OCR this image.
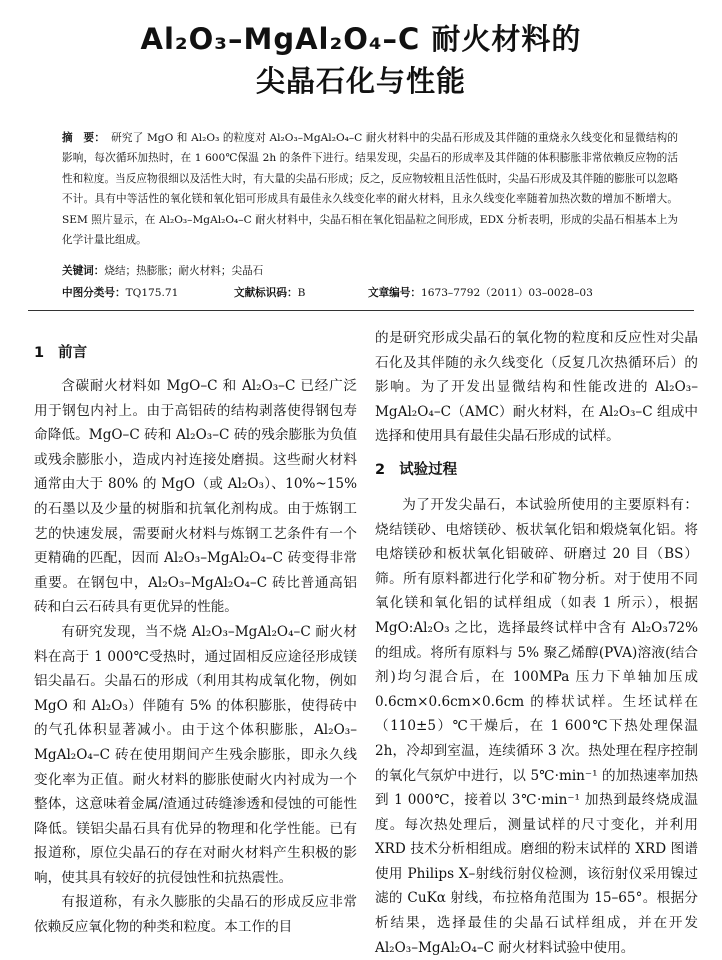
Al₂O₃–MgAl₂O₄–C 耐火材料的
尖晶石化与性能
摘　要： 研究了 MgO 和 Al₂O₃ 的粒度对 Al₂O₃–MgAl₂O₄–C 耐火材料中的尖晶石形成及其伴随的重烧永久线变化和显微结构的影响，每次循环加热时，在 1 600℃保温 2h 的条件下进行。结果发现，尖晶石的形成率及其伴随的体积膨胀非常依赖反应物的活性和粒度。当反应物很细以及活性大时，有大量的尖晶石形成；反之，反应物较粗且活性低时，尖晶石形成及其伴随的膨胀可以忽略不计。具有中等活性的氧化镁和氧化铝可形成具有最佳永久线变化率的耐火材料，且永久线变化率随着加热次数的增加不断增大。SEM 照片显示，在 Al₂O₃–MgAl₂O₄–C 耐火材料中，尖晶石相在氧化铝晶粒之间形成，EDX 分析表明，形成的尖晶石相基本上为化学计量比组成。
关键词：烧结；热膨胀；耐火材料；尖晶石
中图分类号：TQ175.71	文献标识码：B	文章编号：1673–7792（2011）03–0028–03
1 前言

含碳耐火材料如 MgO–C 和 Al₂O₃–C 已经广泛用于钢包内衬上。由于高铝砖的结构剥落使得钢包寿命降低。MgO–C 砖和 Al₂O₃–C 砖的残余膨胀为负值或残余膨胀小，造成内衬连接处磨损。这些耐火材料通常由大于 80% 的 MgO（或 Al₂O₃）、10%~15% 的石墨以及少量的树脂和抗氧化剂构成。由于炼钢工艺的快速发展，需要耐火材料与炼钢工艺条件有一个更精确的匹配，因而 Al₂O₃–MgAl₂O₄–C 砖变得非常重要。在钢包中，Al₂O₃–MgAl₂O₄–C 砖比普通高铝砖和白云石砖具有更优异的性能。

有研究发现，当不烧 Al₂O₃–MgAl₂O₄–C 耐火材料在高于 1 000℃受热时，通过固相反应途径形成镁铝尖晶石。尖晶石的形成（利用其构成氧化物，例如 MgO 和 Al₂O₃）伴随有 5% 的体积膨胀，使得砖中的气孔体积显著减小。由于这个体积膨胀，Al₂O₃–MgAl₂O₄–C 砖在使用期间产生残余膨胀，即永久线变化率为正值。耐火材料的膨胀使耐火内衬成为一个整体，这意味着金属/渣通过砖缝渗透和侵蚀的可能性降低。镁铝尖晶石具有优异的物理和化学性能。已有报道称，原位尖晶石的存在对耐火材料产生积极的影响，使其具有较好的抗侵蚀性和抗热震性。

有报道称，有永久膨胀的尖晶石的形成反应非常依赖反应氧化物的种类和粒度。本工作的目

的是研究形成尖晶石的氧化物的粒度和反应性对尖晶石化及其伴随的永久线变化（反复几次热循环后）的影响。为了开发出显微结构和性能改进的 Al₂O₃–MgAl₂O₄–C（AMC）耐火材料，在 Al₂O₃–C 组成中选择和使用具有最佳尖晶石形成的试样。

2 试验过程

为了开发尖晶石，本试验所使用的主要原料有：烧结镁砂、电熔镁砂、板状氧化铝和煅烧氧化铝。将电熔镁砂和板状氧化铝破碎、研磨过 20 目（BS）筛。所有原料都进行化学和矿物分析。对于使用不同氧化镁和氧化铝的试样组成（如表 1 所示），根据 MgO:Al₂O₃ 之比，选择最终试样中含有 Al₂O₃72% 的组成。将所有原料与 5% 聚乙烯醇(PVA)溶液(结合剂)均匀混合后，在 100MPa 压力下单轴加压成 0.6cm×0.6cm×0.6cm 的棒状试样。生坯试样在（110±5）℃干燥后，在 1 600℃下热处理保温 2h，冷却到室温，连续循环 3 次。热处理在程序控制的氧化气氛炉中进行，以 5℃·min⁻¹ 的加热速率加热到 1 000℃，接着以 3℃·min⁻¹ 加热到最终烧成温度。每次热处理后，测量试样的尺寸变化，并利用 XRD 技术分析相组成。磨细的粉末试样的 XRD 图谱使用 Philips X–射线衍射仪检测，该衍射仪采用镍过滤的 CuKα 射线，布拉格角范围为 15–65°。根据分析结果，选择最佳的尖晶石试样组成，并在开发 Al₂O₃–MgAl₂O₄–C 耐火材料试验中使用。
